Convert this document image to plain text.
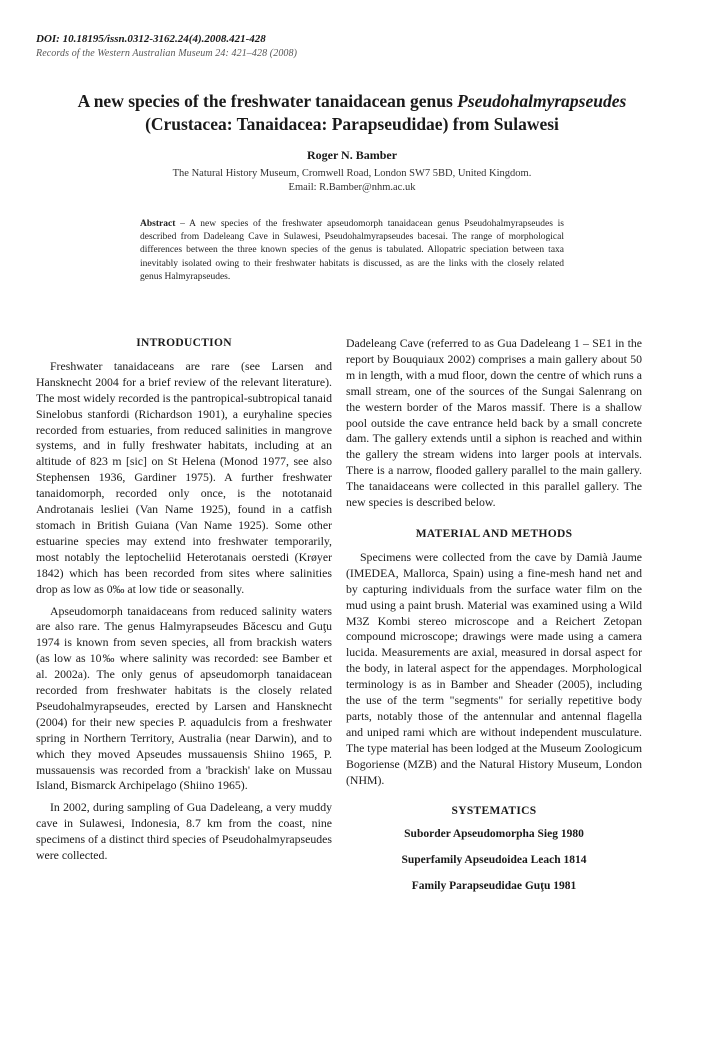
DOI: 10.18195/issn.0312-3162.24(4).2008.421-428
Records of the Western Australian Museum 24: 421–428 (2008)
A new species of the freshwater tanaidacean genus Pseudohalmyrapseudes
(Crustacea: Tanaidacea: Parapseudidae) from Sulawesi
Roger N. Bamber
The Natural History Museum, Cromwell Road, London SW7 5BD, United Kingdom.
Email: R.Bamber@nhm.ac.uk
Abstract – A new species of the freshwater apseudomorph tanaidacean genus Pseudohalmyrapseudes is described from Dadeleang Cave in Sulawesi, Pseudohalmyrapseudes bacesai. The range of morphological differences between the three known species of the genus is tabulated. Allopatric speciation between taxa inevitably isolated owing to their freshwater habitats is discussed, as are the links with the closely related genus Halmyrapseudes.
INTRODUCTION

Freshwater tanaidaceans are rare (see Larsen and Hansknecht 2004 for a brief review of the relevant literature). The most widely recorded is the pantropical-subtropical tanaid Sinelobus stanfordi (Richardson 1901), a euryhaline species recorded from estuaries, from reduced salinities in mangrove systems, and in fully freshwater habitats, including at an altitude of 823 m [sic] on St Helena (Monod 1977, see also Stephensen 1936, Gardiner 1975). A further freshwater tanaidomorph, recorded only once, is the nototanaid Androtanais lesliei (Van Name 1925), found in a catfish stomach in British Guiana (Van Name 1925). Some other estuarine species may extend into freshwater temporarily, most notably the leptocheliid Heterotanais oerstedi (Krøyer 1842) which has been recorded from sites where salinities drop as low as 0‰ at low tide or seasonally.

Apseudomorph tanaidaceans from reduced salinity waters are also rare. The genus Halmyrapseudes Băcescu and Guţu 1974 is known from seven species, all from brackish waters (as low as 10‰ where salinity was recorded: see Bamber et al. 2002a). The only genus of apseudomorph tanaidacean recorded from freshwater habitats is the closely related Pseudohalmyrapseudes, erected by Larsen and Hansknecht (2004) for their new species P. aquadulcis from a freshwater spring in Northern Territory, Australia (near Darwin), and to which they moved Apseudes mussauensis Shiino 1965, P. mussauensis was recorded from a 'brackish' lake on Mussau Island, Bismarck Archipelago (Shiino 1965).

In 2002, during sampling of Gua Dadeleang, a very muddy cave in Sulawesi, Indonesia, 8.7 km from the coast, nine specimens of a distinct third species of Pseudohalmyrapseudes were collected.

Dadeleang Cave (referred to as Gua Dadeleang 1 – SE1 in the report by Bouquiaux 2002) comprises a main gallery about 50 m in length, with a mud floor, down the centre of which runs a small stream, one of the sources of the Sungai Salenrang on the western border of the Maros massif. There is a shallow pool outside the cave entrance held back by a small concrete dam. The gallery extends until a siphon is reached and within the gallery the stream widens into larger pools at intervals. There is a narrow, flooded gallery parallel to the main gallery. The tanaidaceans were collected in this parallel gallery. The new species is described below.

MATERIAL AND METHODS

Specimens were collected from the cave by Damià Jaume (IMEDEA, Mallorca, Spain) using a fine-mesh hand net and by capturing individuals from the surface water film on the mud using a paint brush. Material was examined using a Wild M3Z Kombi stereo microscope and a Reichert Zetopan compound microscope; drawings were made using a camera lucida. Measurements are axial, measured in dorsal aspect for the body, in lateral aspect for the appendages. Morphological terminology is as in Bamber and Sheader (2005), including the use of the term "segments" for serially repetitive body parts, notably those of the antennular and antennal flagella and uniped rami which are without independent musculature. The type material has been lodged at the Museum Zoologicum Bogoriense (MZB) and the Natural History Museum, London (NHM).

SYSTEMATICS
Suborder Apseudomorpha Sieg 1980
Superfamily Apseudoidea Leach 1814
Family Parapseudidae Guţu 1981
